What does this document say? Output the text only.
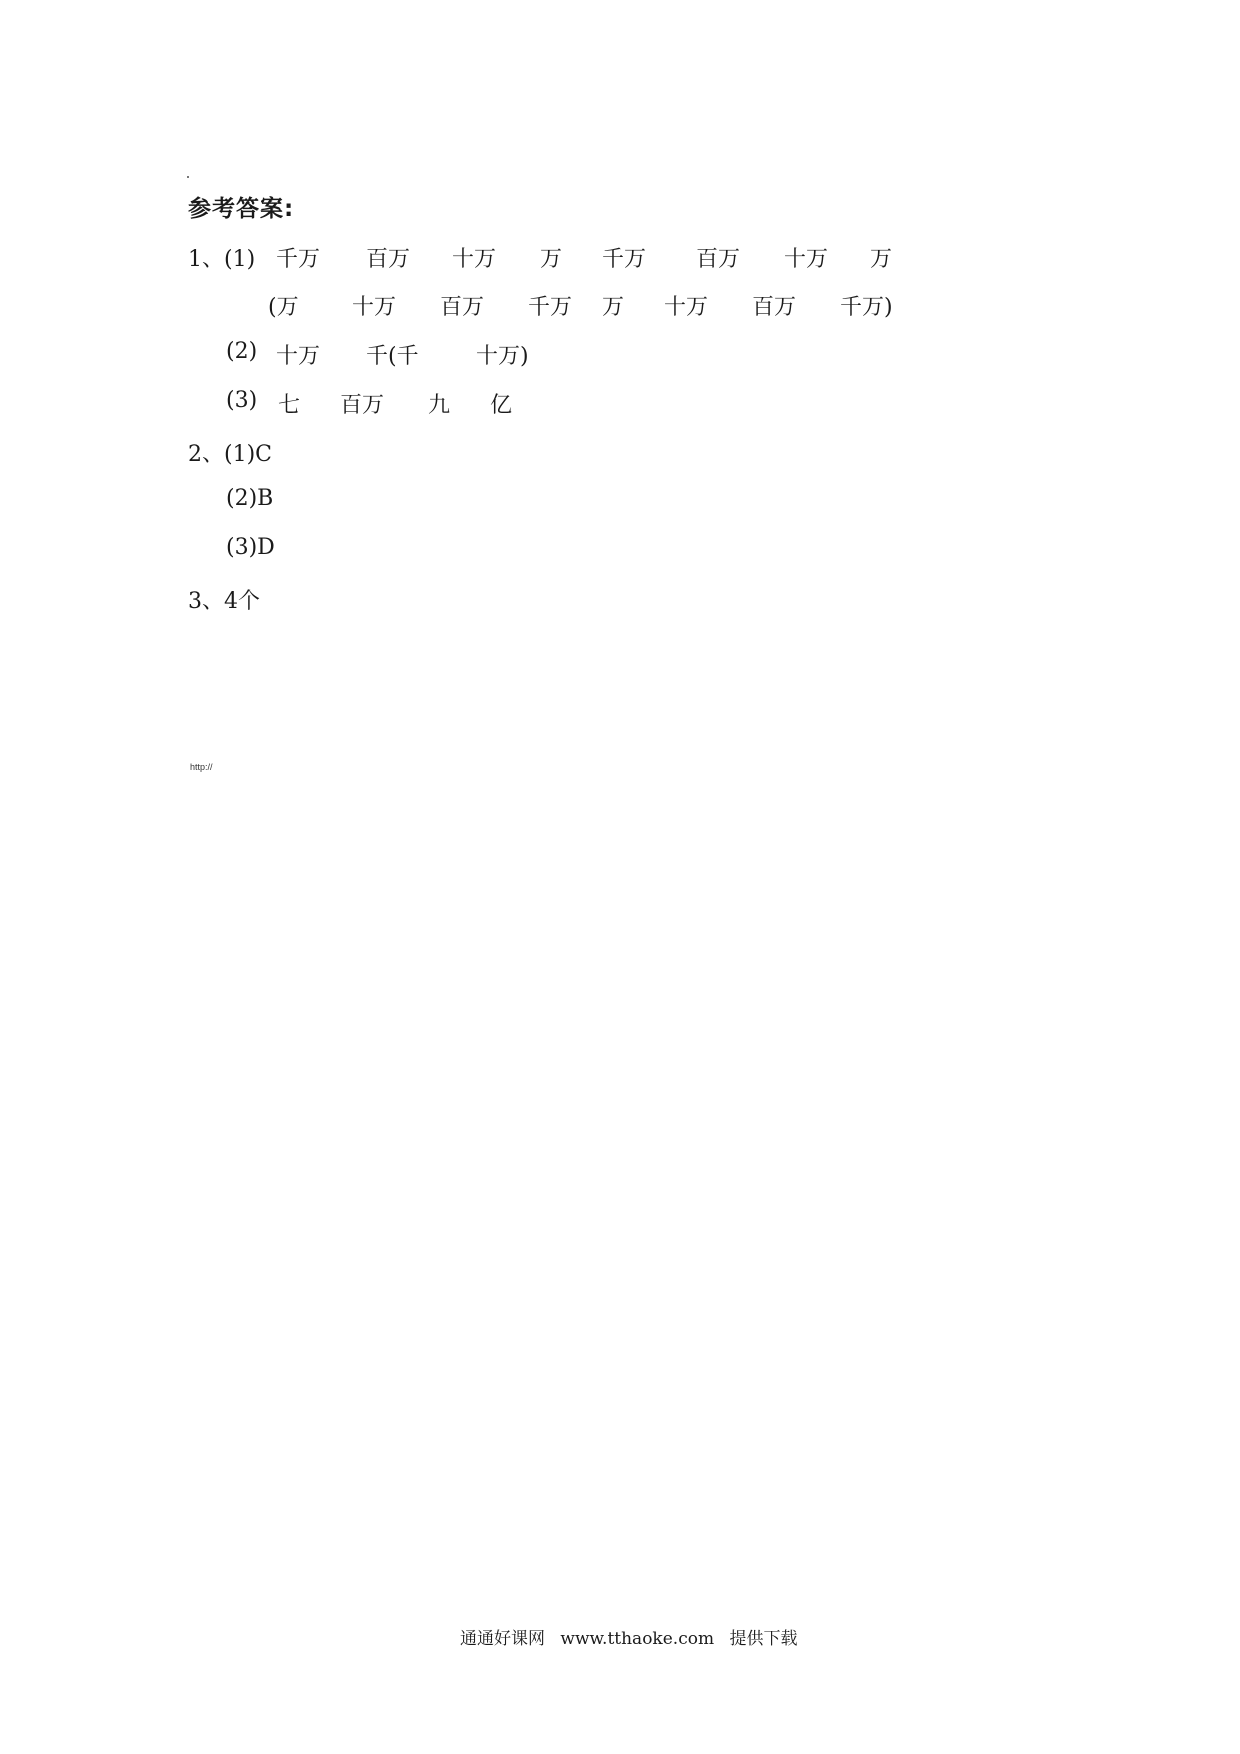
参考答案:
1、(1) 千万 百万 十万 万 千万 百万 十万 万
(万 十万 百万 千万 万 十万 百万 千万)
(2) 十万 千(千	十万)
(3) 七 百万 九 亿
2、(1)C
(2)B
(3)D
3、4个
http://
通通好课网 www.tthaoke.com 提供下载
